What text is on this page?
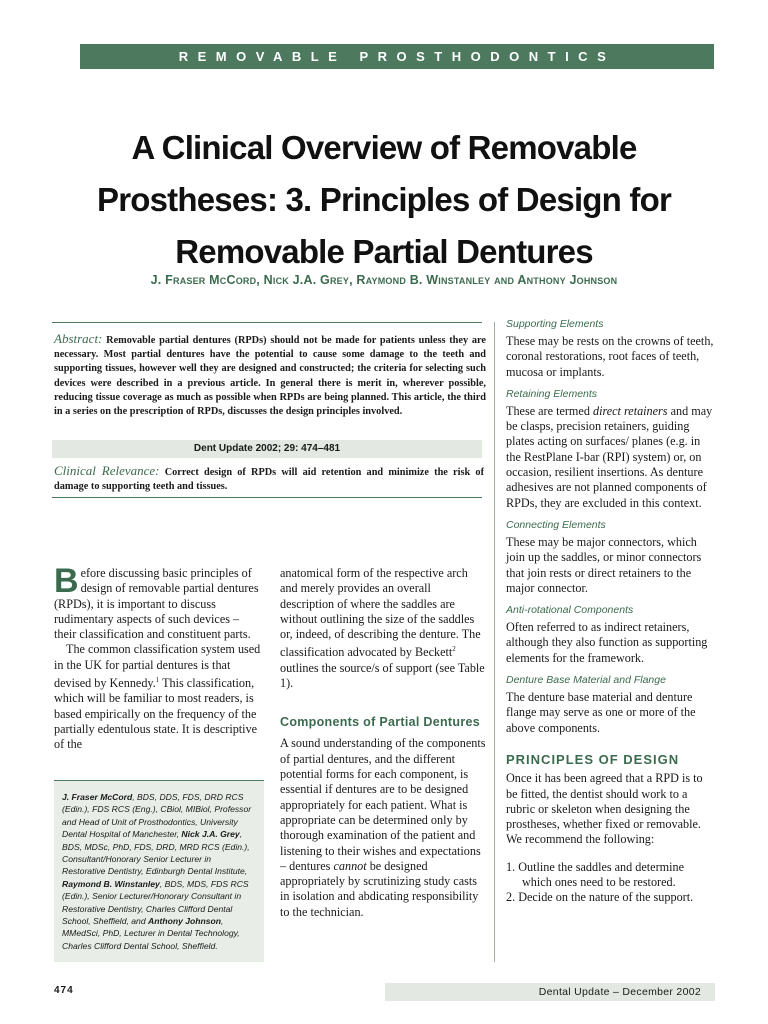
REMOVABLE PROSTHODONTICS
A Clinical Overview of Removable
Prostheses: 3. Principles of Design for
Removable Partial Dentures
J. Fraser McCord, Nick J.A. Grey, Raymond B. Winstanley and Anthony Johnson
Abstract: Removable partial dentures (RPDs) should not be made for patients unless they are necessary. Most partial dentures have the potential to cause some damage to the teeth and supporting tissues, however well they are designed and constructed; the criteria for selecting such devices were described in a previous article. In general there is merit in, wherever possible, reducing tissue coverage as much as possible when RPDs are being planned. This article, the third in a series on the prescription of RPDs, discusses the design principles involved.
Dent Update 2002; 29: 474–481
Clinical Relevance: Correct design of RPDs will aid retention and minimize the risk of damage to supporting teeth and tissues.

Before discussing basic principles of design of removable partial dentures (RPDs), it is important to discuss rudimentary aspects of such devices – their classification and constituent parts.

The common classification system used in the UK for partial dentures is that devised by Kennedy.$^1$ This classification, which will be familiar to most readers, is based empirically on the frequency of the partially edentulous state. It is descriptive of the

J. Fraser McCord, BDS, DDS, FDS, DRD RCS (Edin.), FDS RCS (Eng.), CBiol, MIBiol, Professor and Head of Unit of Prosthodontics, University Dental Hospital of Manchester, Nick J.A. Grey, BDS, MDSc, PhD, FDS, DRD, MRD RCS (Edin.), Consultant/Honorary Senior Lecturer in Restorative Dentistry, Edinburgh Dental Institute, Raymond B. Winstanley, BDS, MDS, FDS RCS (Edin.), Senior Lecturer/Honorary Consultant in Restorative Dentistry, Charles Clifford Dental School, Sheffield, and Anthony Johnson, MMedSci, PhD, Lecturer in Dental Technology, Charles Clifford Dental School, Sheffield.

anatomical form of the respective arch and merely provides an overall description of where the saddles are without outlining the size of the saddles or, indeed, of describing the denture. The classification advocated by Beckett$^2$ outlines the source/s of support (see Table 1).

Components of Partial Dentures

A sound understanding of the components of partial dentures, and the different potential forms for each component, is essential if dentures are to be designed appropriately for each patient. What is appropriate can be determined only by thorough examination of the patient and listening to their wishes and expectations – dentures cannot be designed appropriately by scrutinizing study casts in isolation and abdicating responsibility to the technician.

Supporting Elements

These may be rests on the crowns of teeth, coronal restorations, root faces of teeth, mucosa or implants.

Retaining Elements

These are termed direct retainers and may be clasps, precision retainers, guiding plates acting on surfaces/ planes (e.g. in the RestPlane I-bar (RPI) system) or, on occasion, resilient insertions. As denture adhesives are not planned components of RPDs, they are excluded in this context.

Connecting Elements

These may be major connectors, which join up the saddles, or minor connectors that join rests or direct retainers to the major connector.

Anti-rotational Components

Often referred to as indirect retainers, although they also function as supporting elements for the framework.

Denture Base Material and Flange

The denture base material and denture flange may serve as one or more of the above components.

PRINCIPLES OF DESIGN

Once it has been agreed that a RPD is to be fitted, the dentist should work to a rubric or skeleton when designing the prostheses, whether fixed or removable. We recommend the following:

1. Outline the saddles and determine which ones need to be restored.
2. Decide on the nature of the support.
474	Dental Update – December 2002
